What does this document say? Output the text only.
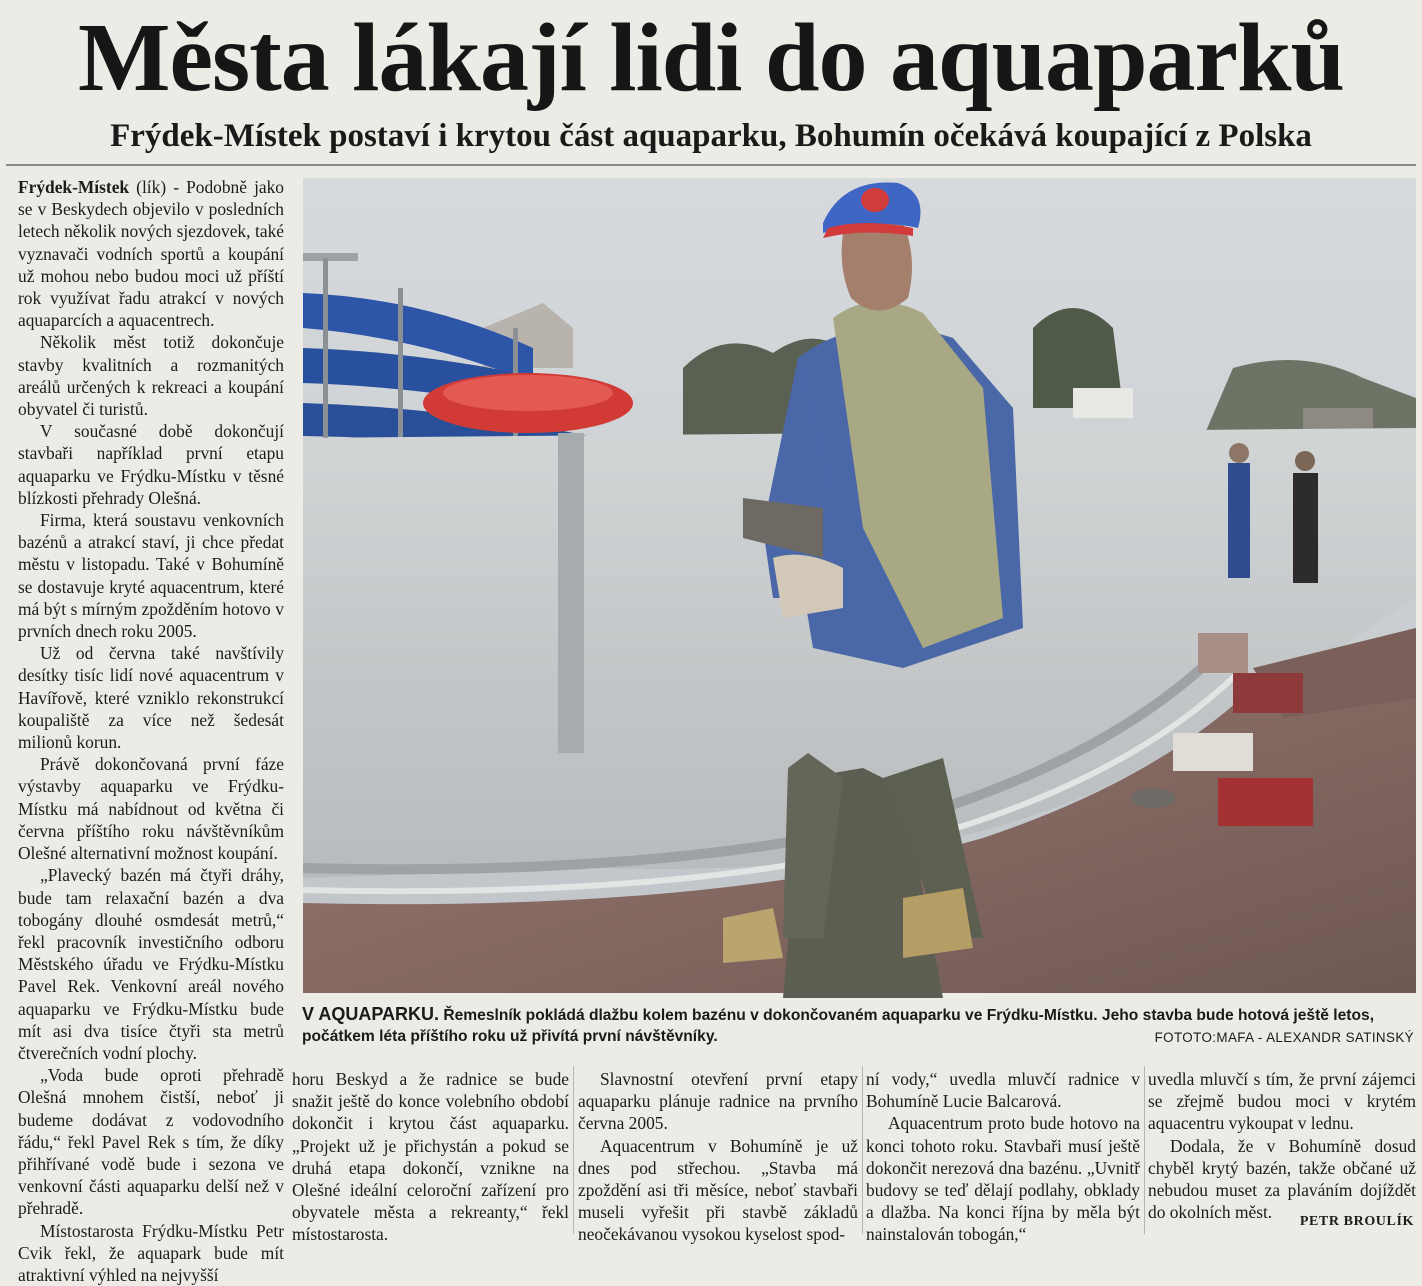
Města lákají lidi do aquaparků
Frýdek-Místek postaví i krytou část aquaparku, Bohumín očekává koupající z Polska

Frýdek-Místek (lík) - Podobně jako se v Beskydech objevilo v posledních letech několik nových sjezdovek, také vyznavači vodních sportů a koupání už mohou nebo budou moci už příští rok využívat řadu atrakcí v nových aquaparcích a aquacentrech.

Několik měst totiž dokončuje stavby kvalitních a rozmanitých areálů určených k rekreaci a koupání obyvatel či turistů.

V současné době dokončují stavbaři například první etapu aquaparku ve Frýdku-Místku v těsné blízkosti přehrady Olešná.

Firma, která soustavu venkovních bazénů a atrakcí staví, ji chce předat městu v listopadu. Také v Bohumíně se dostavuje kryté aquacentrum, které má být s mírným zpožděním hotovo v prvních dnech roku 2005.

Už od června také navštívily desítky tisíc lidí nové aquacentrum v Havířově, které vzniklo rekonstrukcí koupaliště za více než šedesát milionů korun.

Právě dokončovaná první fáze výstavby aquaparku ve Frýdku-Místku má nabídnout od května či června příštího roku návštěvníkům Olešné alternativní možnost koupání.

„Plavecký bazén má čtyři dráhy, bude tam relaxační bazén a dva tobogány dlouhé osmdesát metrů,“ řekl pracovník investičního odboru Městského úřadu ve Frýdku-Místku Pavel Rek. Venkovní areál nového aquaparku ve Frýdku-Místku bude mít asi dva tisíce čtyři sta metrů čtverečních vodní plochy.

„Voda bude oproti přehradě Olešná mnohem čistší, neboť ji budeme dodávat z vodovodního řádu,“ řekl Pavel Rek s tím, že díky přihřívané vodě bude i sezona ve venkovní části aquaparku delší než v přehradě.

Místostarosta Frýdku-Místku Petr Cvik řekl, že aquapark bude mít atraktivní výhled na nejvyšší

V AQUAPARKU. Řemeslník pokládá dlažbu kolem bazénu v dokončovaném aquaparku ve Frýdku-Místku. Jeho stavba bude hotová ještě letos, počátkem léta příštího roku už přivítá první návštěvníky.	FOTOTO:MAFA - ALEXANDR SATINSKÝ

horu Beskyd a že radnice se bude snažit ještě do konce volebního období dokončit i krytou část aquaparku. „Projekt už je přichystán a pokud se druhá etapa dokončí, vznikne na Olešné ideální celoroční zařízení pro obyvatele města a rekreanty,“ řekl místostarosta.

Slavnostní otevření první etapy aquaparku plánuje radnice na prvního června 2005.

Aquacentrum v Bohumíně je už dnes pod střechou. „Stavba má zpoždění asi tři měsíce, neboť stavbaři museli vyřešit při stavbě základů neočekávanou vysokou kyselost spod-

ní vody,“ uvedla mluvčí radnice v Bohumíně Lucie Balcarová.

Aquacentrum proto bude hotovo na konci tohoto roku. Stavbaři musí ještě dokončit nerezová dna bazénu. „Uvnitř budovy se teď dělají podlahy, obklady a dlažba. Na konci října by měla být nainstalován tobogán,“

uvedla mluvčí s tím, že první zájemci se zřejmě budou moci v krytém aquacentru vykoupat v lednu.

Dodala, že v Bohumíně dosud chyběl krytý bazén, takže občané už nebudou muset za plaváním dojíždět do okolních měst.	PETR BROULÍK
